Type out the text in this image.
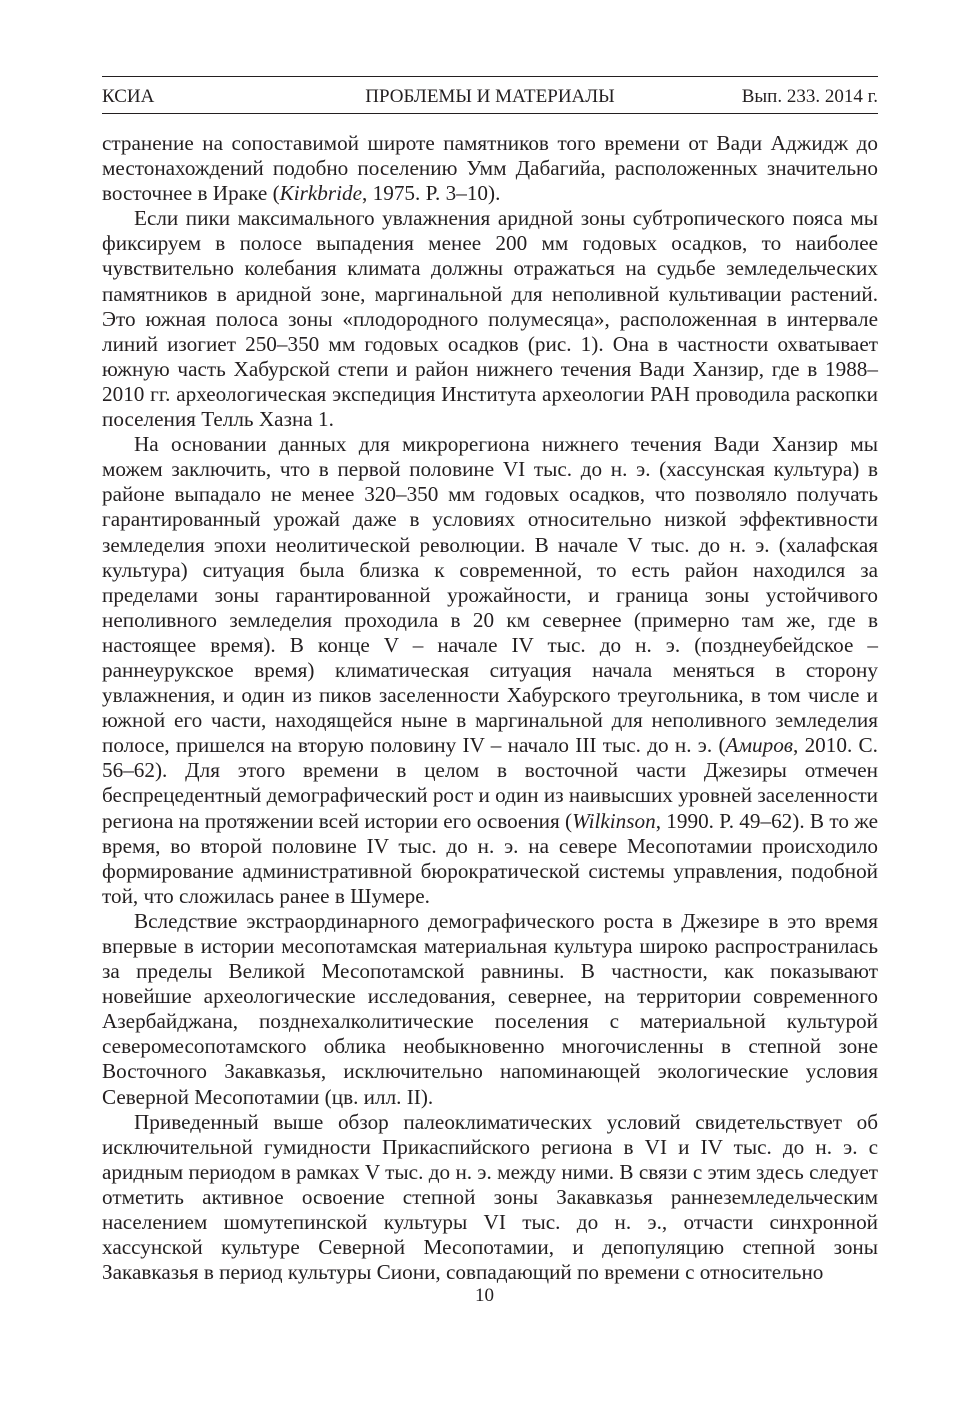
КСИА	ПРОБЛЕМЫ И МАТЕРИАЛЫ	Вып. 233. 2014 г.

странение на сопоставимой широте памятников того времени от Вади Аджидж до местонахождений подобно поселению Умм Дабагийа, расположенных значительно восточнее в Ираке (Kirkbride, 1975. P. 3–10).

Если пики максимального увлажнения аридной зоны субтропического пояса мы фиксируем в полосе выпадения менее 200 мм годовых осадков, то наиболее чувствительно колебания климата должны отражаться на судьбе земледельческих памятников в аридной зоне, маргинальной для неполивной культивации растений. Это южная полоса зоны «плодородного полумесяца», расположенная в интервале линий изогиет 250–350 мм годовых осадков (рис. 1). Она в частности охватывает южную часть Хабурской степи и район нижнего течения Вади Ханзир, где в 1988–2010 гг. археологическая экспедиция Института археологии РАН проводила раскопки поселения Телль Хазна 1.

На основании данных для микрорегиона нижнего течения Вади Ханзир мы можем заключить, что в первой половине VI тыс. до н. э. (хассунская культура) в районе выпадало не менее 320–350 мм годовых осадков, что позволяло получать гарантированный урожай даже в условиях относительно низкой эффективности земледелия эпохи неолитической революции. В начале V тыс. до н. э. (халафская культура) ситуация была близка к современной, то есть район находился за пределами зоны гарантированной урожайности, и граница зоны устойчивого неполивного земледелия проходила в 20 км севернее (примерно там же, где в настоящее время). В конце V – начале IV тыс. до н. э. (позднеубейдское – раннеурукское время) климатическая ситуация начала меняться в сторону увлажнения, и один из пиков заселенности Хабурского треугольника, в том числе и южной его части, находящейся ныне в маргинальной для неполивного земледелия полосе, пришелся на вторую половину IV – начало III тыс. до н. э. (Амиров, 2010. С. 56–62). Для этого времени в целом в восточной части Джезиры отмечен беспрецедентный демографический рост и один из наивысших уровней заселенности региона на протяжении всей истории его освоения (Wilkinson, 1990. P. 49–62). В то же время, во второй половине IV тыс. до н. э. на севере Месопотамии происходило формирование административной бюрократической системы управления, подобной той, что сложилась ранее в Шумере.

Вследствие экстраординарного демографического роста в Джезире в это время впервые в истории месопотамская материальная культура широко распространилась за пределы Великой Месопотамской равнины. В частности, как показывают новейшие археологические исследования, севернее, на территории современного Азербайджана, позднехалколитические поселения с материальной культурой северомесопотамского облика необыкновенно многочисленны в степной зоне Восточного Закавказья, исключительно напоминающей экологические условия Северной Месопотамии (цв. илл. II).

Приведенный выше обзор палеоклиматических условий свидетельствует об исключительной гумидности Прикаспийского региона в VI и IV тыс. до н. э. с аридным периодом в рамках V тыс. до н. э. между ними. В связи с этим здесь следует отметить активное освоение степной зоны Закавказья раннеземледельческим населением шомутепинской культуры VI тыс. до н. э., отчасти синхронной хассунской культуре Северной Месопотамии, и депопуляцию степной зоны Закавказья в период культуры Сиони, совпадающий по времени с относительно

10
